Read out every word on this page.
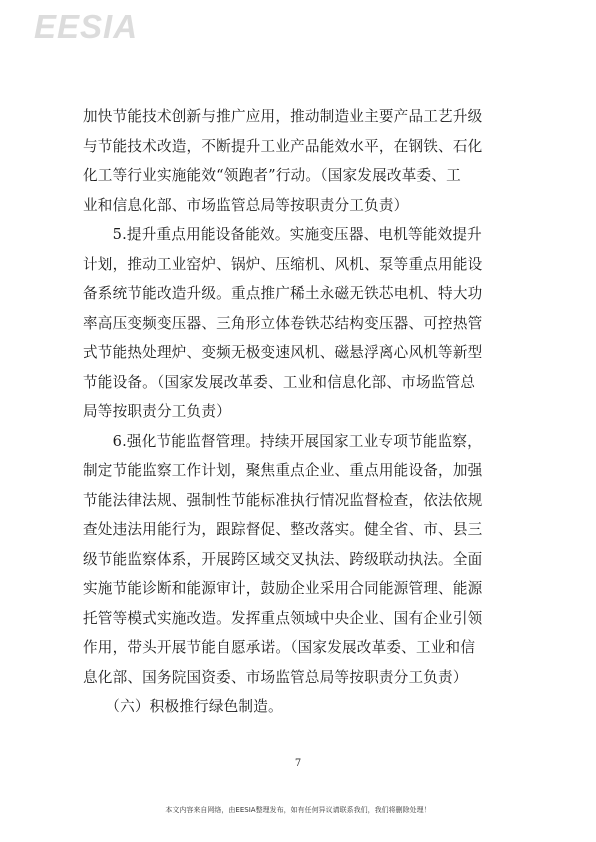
EESIA
加快节能技术创新与推广应用，推动制造业主要产品工艺升级
与节能技术改造，不断提升工业产品能效水平，在钢铁、石化
化工等行业实施能效“领跑者”行动。（国家发展改革委、工
业和信息化部、市场监管总局等按职责分工负责）
　　5.提升重点用能设备能效。实施变压器、电机等能效提升
计划，推动工业窑炉、锅炉、压缩机、风机、泵等重点用能设
备系统节能改造升级。重点推广稀土永磁无铁芯电机、特大功
率高压变频变压器、三角形立体卷铁芯结构变压器、可控热管
式节能热处理炉、变频无极变速风机、磁悬浮离心风机等新型
节能设备。（国家发展改革委、工业和信息化部、市场监管总
局等按职责分工负责）
　　6.强化节能监督管理。持续开展国家工业专项节能监察，
制定节能监察工作计划，聚焦重点企业、重点用能设备，加强
节能法律法规、强制性节能标准执行情况监督检查，依法依规
查处违法用能行为，跟踪督促、整改落实。健全省、市、县三
级节能监察体系，开展跨区域交叉执法、跨级联动执法。全面
实施节能诊断和能源审计，鼓励企业采用合同能源管理、能源
托管等模式实施改造。发挥重点领域中央企业、国有企业引领
作用，带头开展节能自愿承诺。（国家发展改革委、工业和信
息化部、国务院国资委、市场监管总局等按职责分工负责）
　　（六）积极推行绿色制造。
7
本文内容来自网络，由EESIA整理发布，如有任何异议请联系我们，我们将删除处理！
